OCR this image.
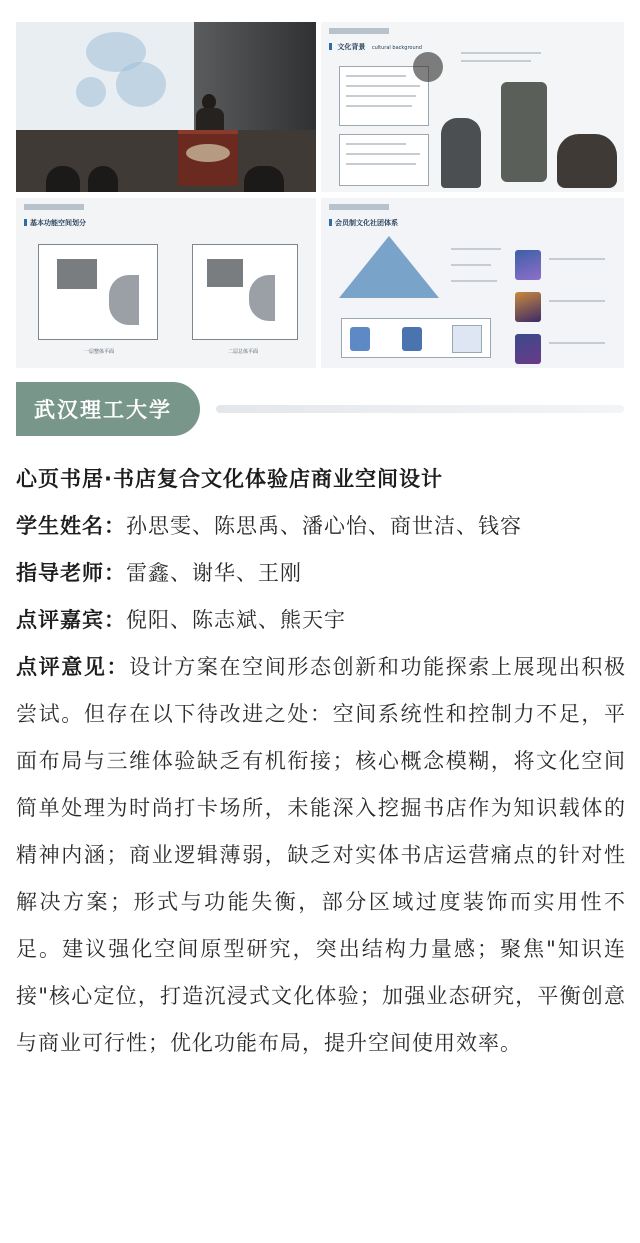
文化背景 cultural background
基本功能空间划分
一层整体平面	二层总体平面
会员制文化社团体系
武汉理工大学
心页书居·书店复合文化体验店商业空间设计
学生姓名：孙思雯、陈思禹、潘心怡、商世洁、钱容
指导老师：雷鑫、谢华、王刚
点评嘉宾：倪阳、陈志斌、熊天宇
点评意见：设计方案在空间形态创新和功能探索上展现出积极尝试。但存在以下待改进之处：空间系统性和控制力不足，平面布局与三维体验缺乏有机衔接；核心概念模糊，将文化空间简单处理为时尚打卡场所，未能深入挖掘书店作为知识载体的精神内涵；商业逻辑薄弱，缺乏对实体书店运营痛点的针对性解决方案；形式与功能失衡，部分区域过度装饰而实用性不足。建议强化空间原型研究，突出结构力量感；聚焦"知识连接"核心定位，打造沉浸式文化体验；加强业态研究，平衡创意与商业可行性；优化功能布局，提升空间使用效率。
